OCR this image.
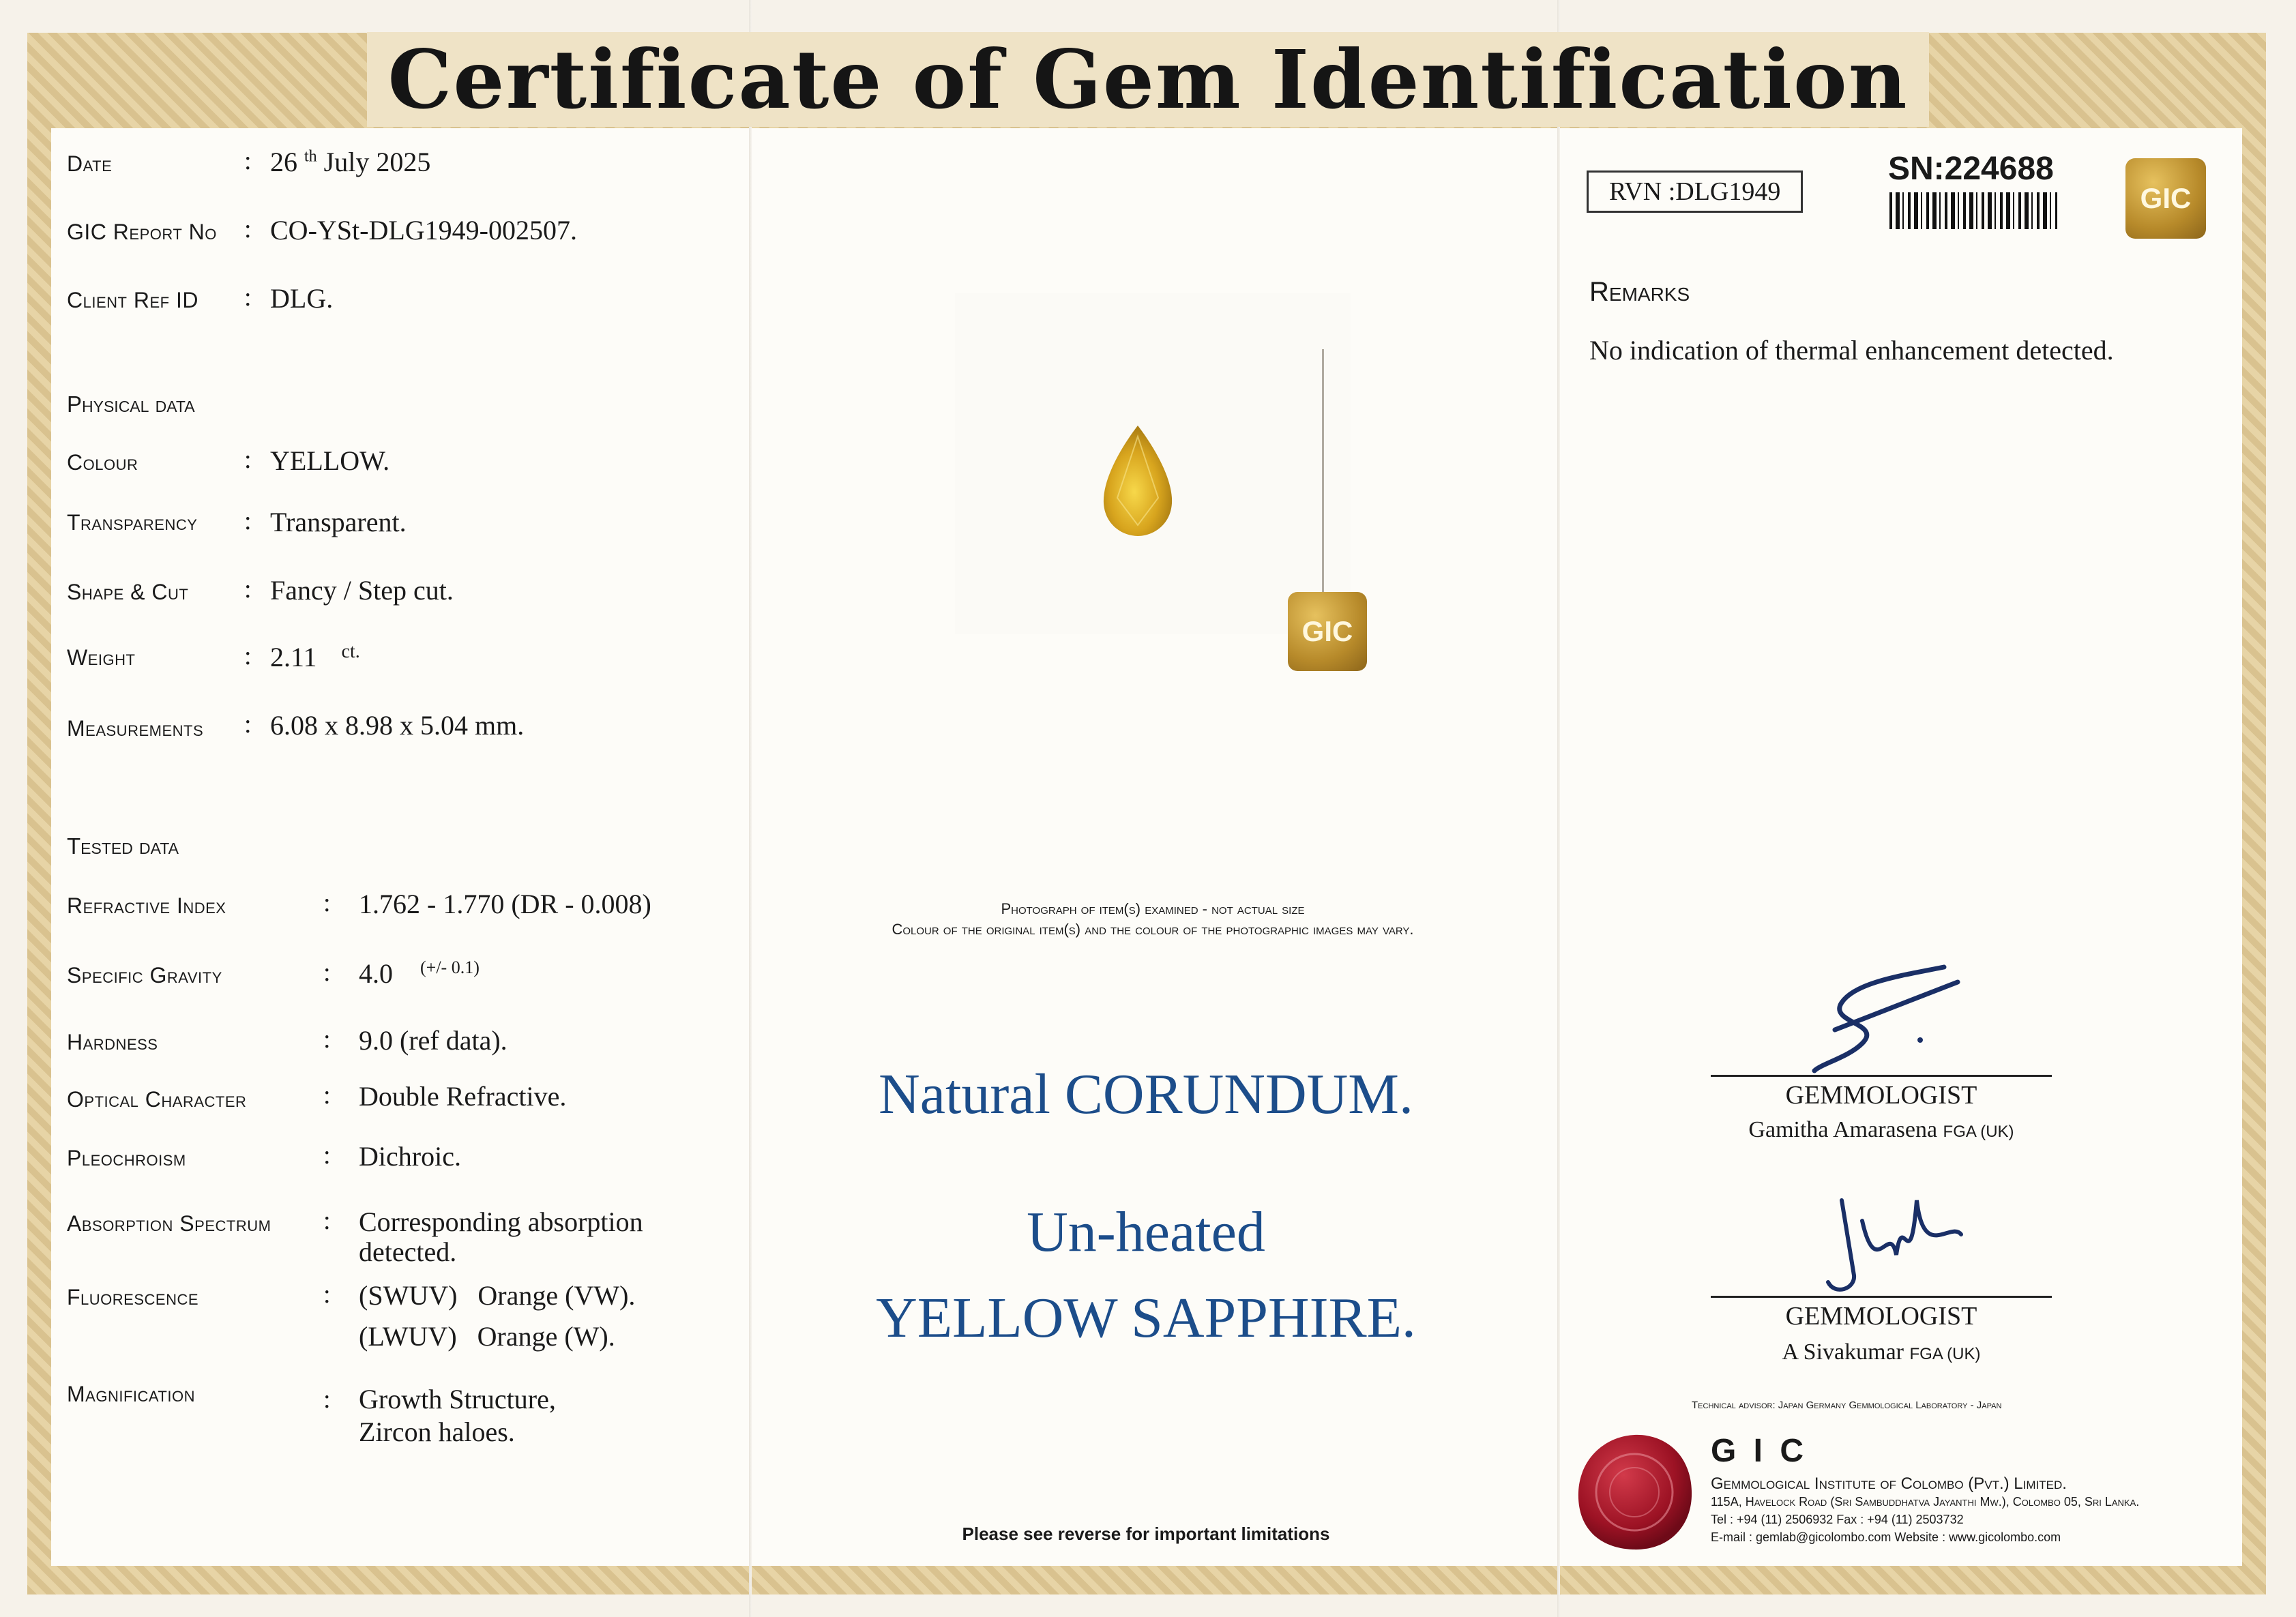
Certificate of Gem Identification
Date	: 26 $^{th}$ July 2025
GIC Report No : CO-YSt-DLG1949-002507.
Client Ref ID : DLG.
Physical data
Colour	: YELLOW.
Transparency : Transparent.
Shape & Cut : Fancy / Step cut.
Weight	: 2.11 $^{ct.}$
Measurements : 6.08 x 8.98 x 5.04 mm.
Tested data
Refractive Index	: 1.762 - 1.770 (DR - 0.008)
Specific Gravity	: 4.0 $^{(+/- 0.1)}$
Hardness	: 9.0 (ref data).
Optical Character	: Double Refractive.
Pleochroism	: Dichroic.
Absorption Spectrum : Corresponding absorption
detected.
Fluorescence	: (SWUV) Orange (VW).
(LWUV) Orange (W).
Magnification	: Growth Structure,
Zircon haloes.
GIC
Photograph of item(s) examined - not actual size
Colour of the original item(s) and the colour of the photographic images may vary.
Natural CORUNDUM.
Un-heated
YELLOW SAPPHIRE.
Please see reverse for important limitations
RVN :DLG1949
SN:224688
GIC
Remarks
No indication of thermal enhancement detected.
GEMMOLOGIST
Gamitha Amarasena FGA (UK)
GEMMOLOGIST
A Sivakumar FGA (UK)
Technical advisor: Japan Germany Gemmological Laboratory - Japan
G I C
Gemmological Institute of Colombo (Pvt.) Limited.
115A, Havelock Road (Sri Sambuddhatva Jayanthi Mw.), Colombo 05, Sri Lanka.
Tel : +94 (11) 2506932 Fax : +94 (11) 2503732
E-mail : gemlab@gicolombo.com Website : www.gicolombo.com
